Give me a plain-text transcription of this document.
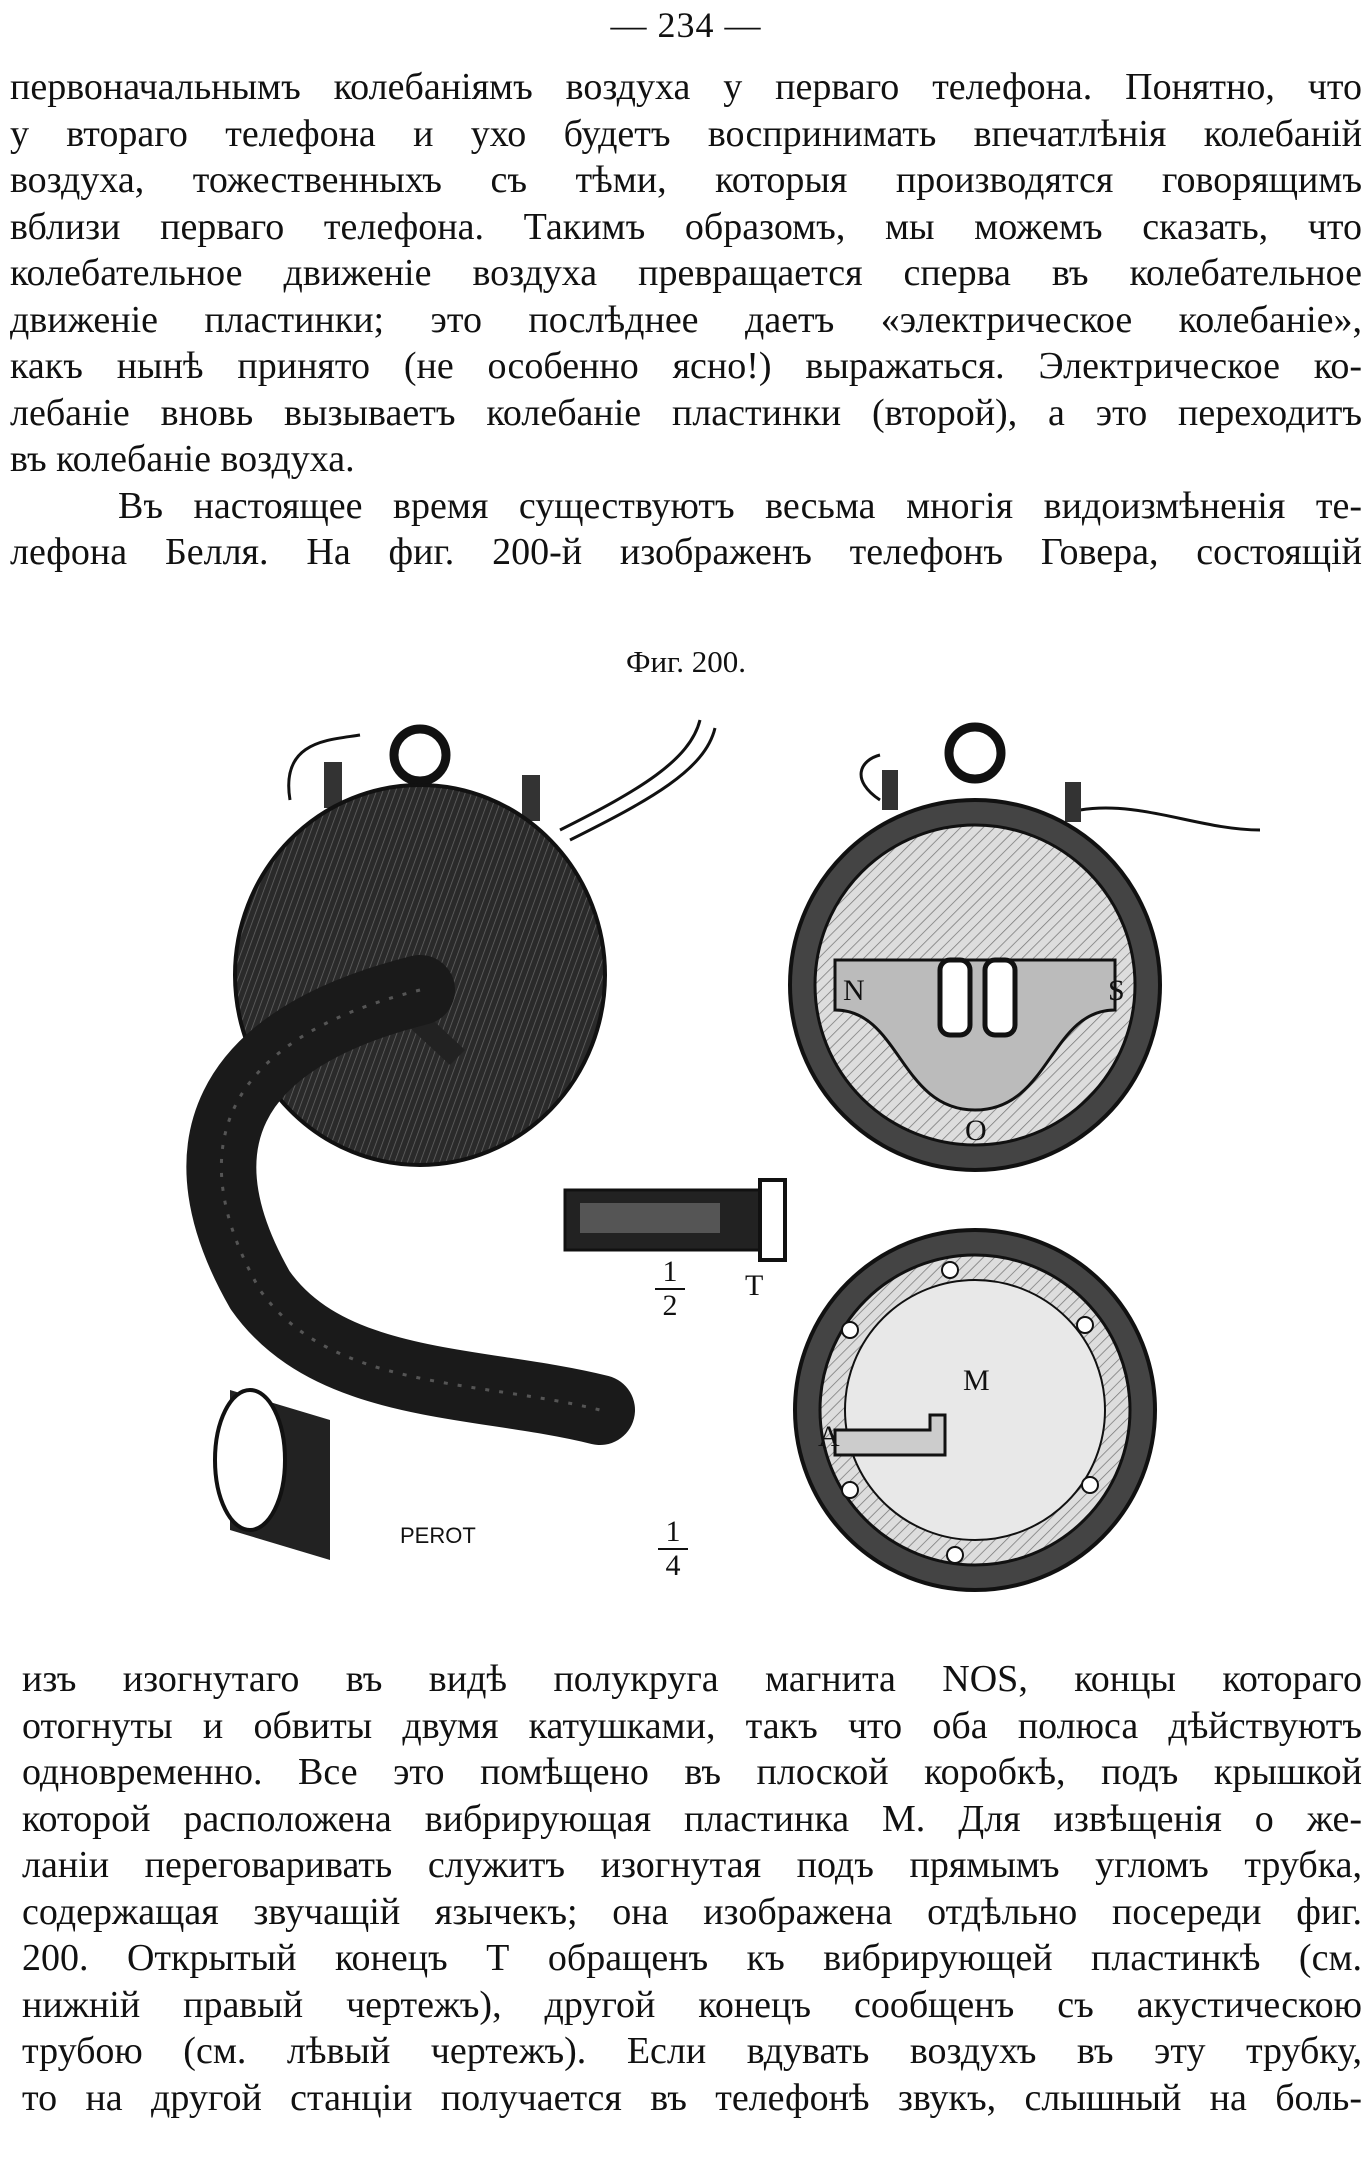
— 234 —
первоначальнымъ колебаніямъ воздуха у перваго телефона. Понятно, что
у втораго телефона и ухо будетъ воспринимать впечатлѣнія колебаній
воздуха, тожественныхъ съ тѣми, которыя производятся говорящимъ
вблизи перваго телефона. Такимъ образомъ, мы можемъ сказать, что
колебательное движеніе воздуха превращается сперва въ колебательное
движеніе пластинки; это послѣднее даетъ «электрическое колебаніе»,
какъ нынѣ принято (не особенно ясно!) выражаться. Электрическое ко-
лебаніе вновь вызываетъ колебаніе пластинки (второй), а это переходитъ
въ колебаніе воздуха.
Въ настоящее время существуютъ весьма многія видоизмѣненія те-
лефона Белля. На фиг. 200-й изображенъ телефонъ Говера, состоящій
Фиг. 200.
PEROT
T
N	S
O
M
A
1
2
1
4
изъ изогнутаго въ видѣ полукруга магнита NOS, концы котораго
отогнуты и обвиты двумя катушками, такъ что оба полюса дѣйствуютъ
одновременно. Все это помѣщено въ плоской коробкѣ, подъ крышкой
которой расположена вибрирующая пластинка М. Для извѣщенія о же-
ланіи переговаривать служитъ изогнутая подъ прямымъ угломъ трубка,
содержащая звучащій язычекъ; она изображена отдѣльно посереди фиг.
200. Открытый конецъ Т обращенъ къ вибрирующей пластинкѣ (см.
нижній правый чертежъ), другой конецъ сообщенъ съ акустическою
трубою (см. лѣвый чертежъ). Если вдувать воздухъ въ эту трубку,
то на другой станціи получается въ телефонѣ звукъ, слышный на боль-
